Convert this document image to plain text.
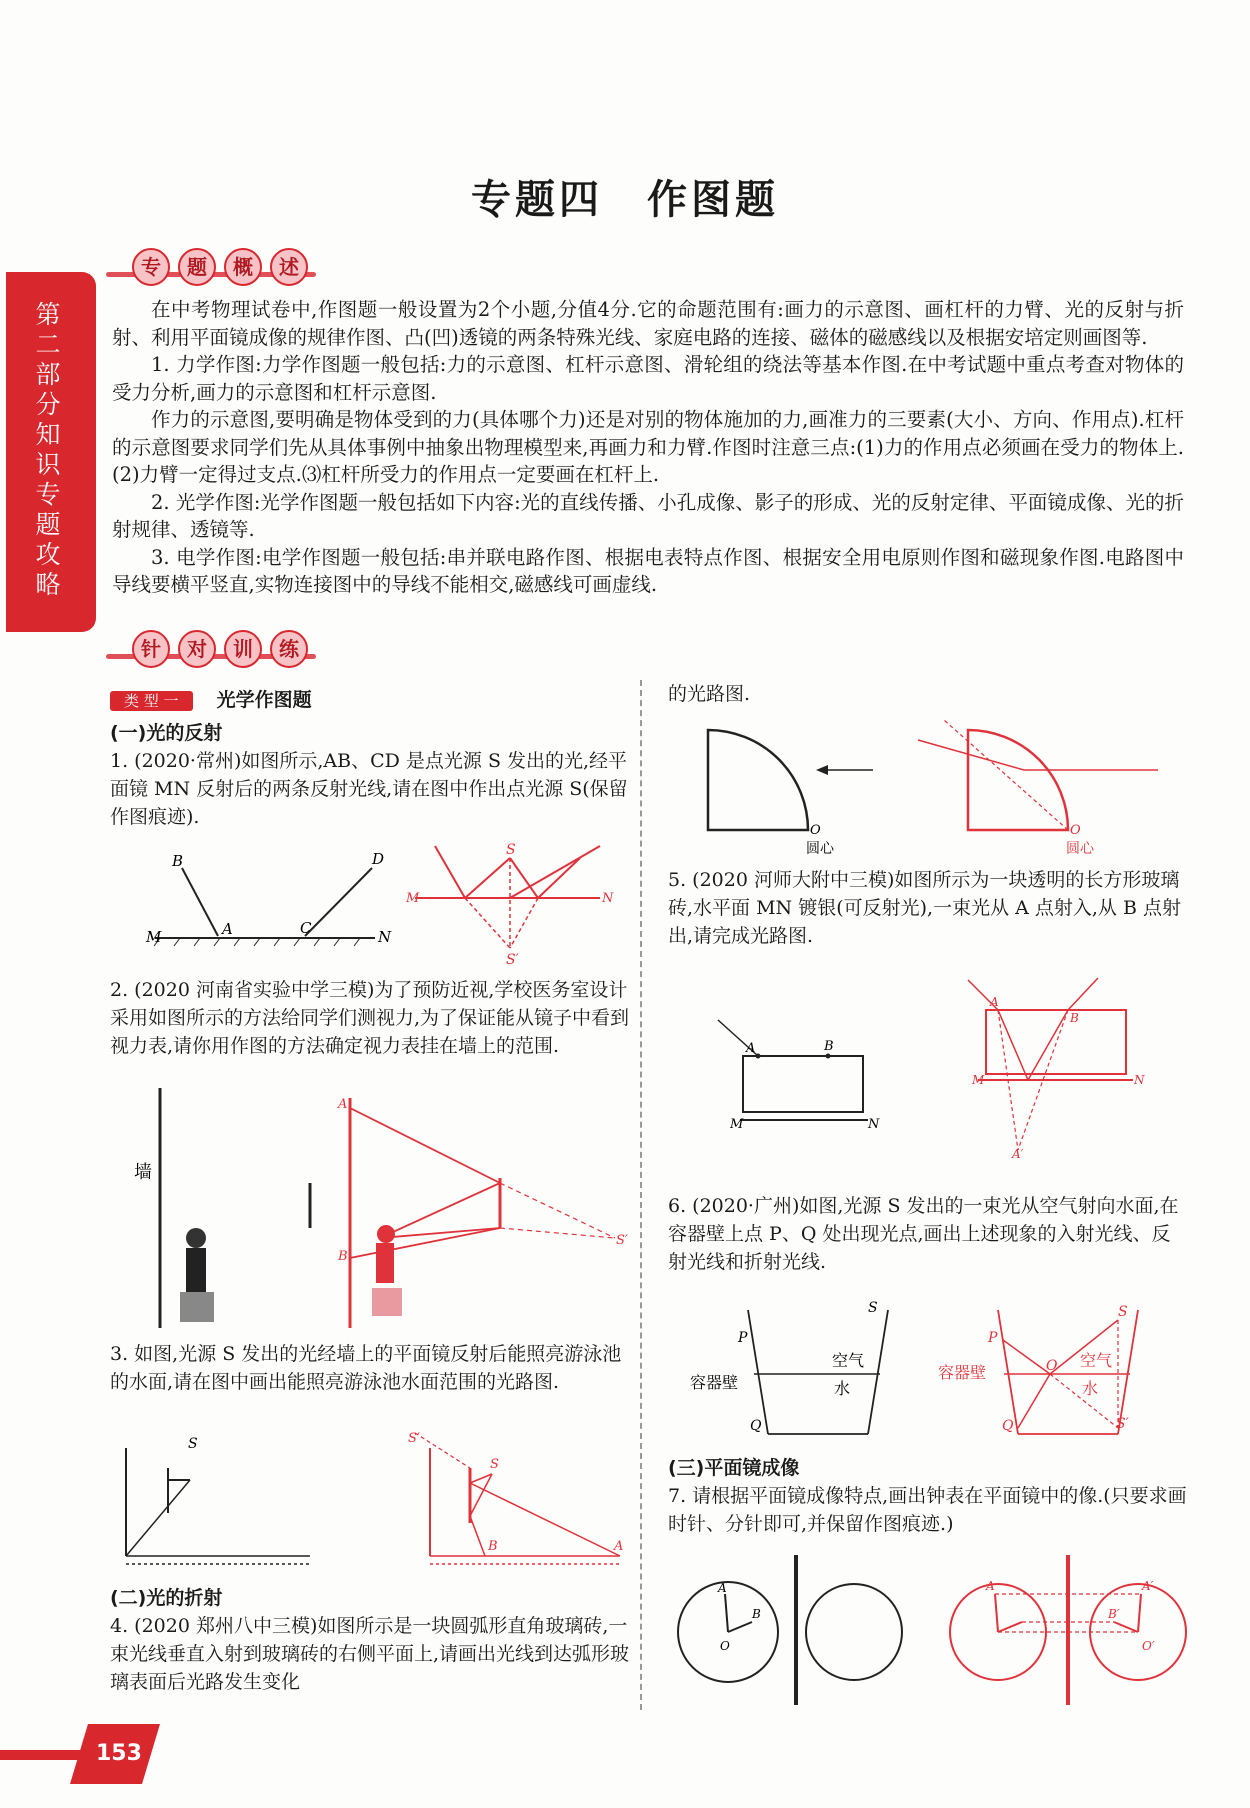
专题四　作图题
第二部分 知识专题攻略
专	题	概	述

在中考物理试卷中,作图题一般设置为2个小题,分值4分.它的命题范围有:画力的示意图、画杠杆的力臂、光的反射与折射、利用平面镜成像的规律作图、凸(凹)透镜的两条特殊光线、家庭电路的连接、磁体的磁感线以及根据安培定则画图等.

1. 力学作图:力学作图题一般包括:力的示意图、杠杆示意图、滑轮组的绕法等基本作图.在中考试题中重点考查对物体的受力分析,画力的示意图和杠杆示意图.

作力的示意图,要明确是物体受到的力(具体哪个力)还是对别的物体施加的力,画准力的三要素(大小、方向、作用点).杠杆的示意图要求同学们先从具体事例中抽象出物理模型来,再画力和力臂.作图时注意三点:(1)力的作用点必须画在受力的物体上.(2)力臂一定得过支点.⑶杠杆所受力的作用点一定要画在杠杆上.

2. 光学作图:光学作图题一般包括如下内容:光的直线传播、小孔成像、影子的形成、光的反射定律、平面镜成像、光的折射规律、透镜等.

3. 电学作图:电学作图题一般包括:串并联电路作图、根据电表特点作图、根据安全用电原则作图和磁现象作图.电路图中导线要横平竖直,实物连接图中的导线不能相交,磁感线可画虚线.

针	对	训	练
类 型 一 光学作图题
(一)光的反射
1. (2020·常州)如图所示,AB、CD 是点光源 S 发出的光,经平面镜 MN 反射后的两条反射光线,请在图中作出点光源 S(保留作图痕迹).
B
A	C
D
M	N
S
S′
M	N
2. (2020 河南省实验中学三模)为了预防近视,学校医务室设计采用如图所示的方法给同学们测视力,为了保证能从镜子中看到视力表,请你用作图的方法确定视力表挂在墙上的范围.
墙
A
B
S′
3. 如图,光源 S 发出的光经墙上的平面镜反射后能照亮游泳池的水面,请在图中画出能照亮游泳池水面范围的光路图.
S
S
S′
B	A
(二)光的折射
4. (2020 郑州八中三模)如图所示是一块圆弧形直角玻璃砖,一束光线垂直入射到玻璃砖的右侧平面上,请画出光线到达弧形玻璃表面后光路发生变化
的光路图.
O
圆心
O
圆心
5. (2020 河师大附中三模)如图所示为一块透明的长方形玻璃砖,水平面 MN 镀银(可反射光),一束光从 A 点射入,从 B 点射出,请完成光路图.
A	B
M	N
A
B
A′
M	N
6. (2020·广州)如图,光源 S 发出的一束光从空气射向水面,在容器壁上点 P、Q 处出现光点,画出上述现象的入射光线、反射光线和折射光线.
S
P
Q
空气
水
容器壁
S
P
Q
O
S′
空气
水
容器壁
(三)平面镜成像
7. 请根据平面镜成像特点,画出钟表在平面镜中的像.(只要求画时针、分针即可,并保留作图痕迹.)
A
B
O
A	A′
B′
O′
153
